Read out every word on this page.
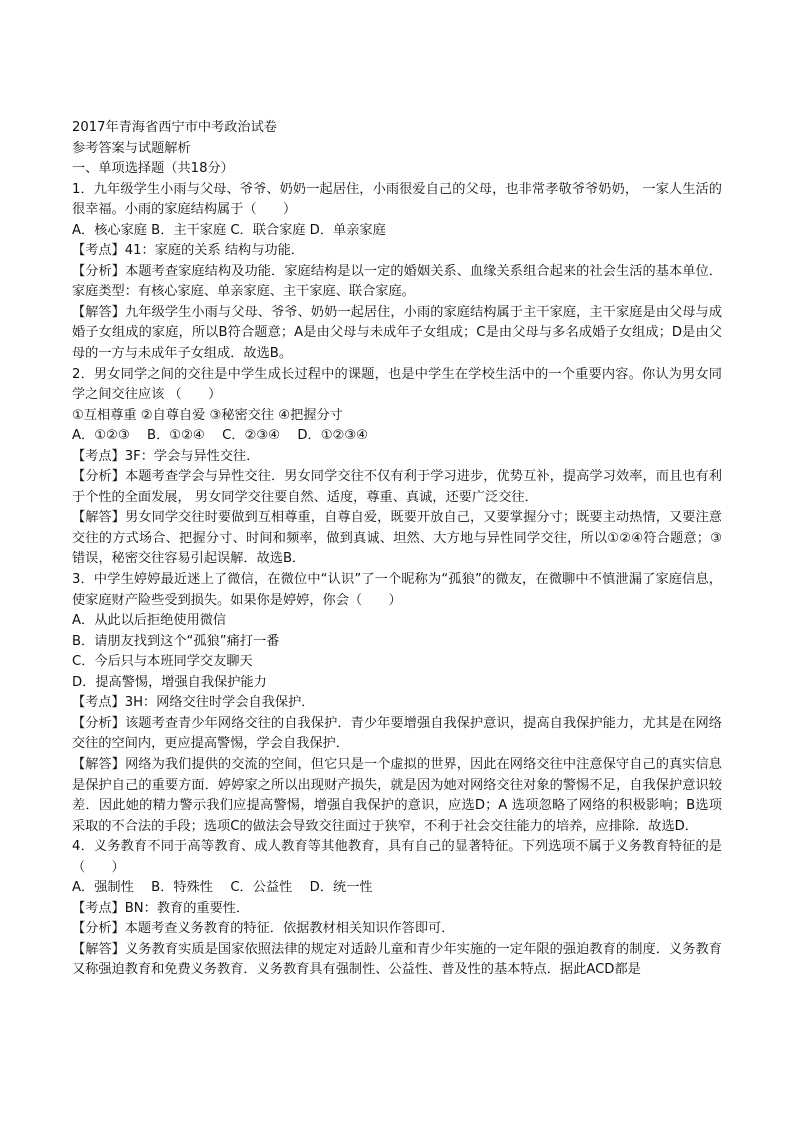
2017年青海省西宁市中考政治试卷
参考答案与试题解析
一、单项选择题（共18分）
1．九年级学生小雨与父母、爷爷、奶奶一起居住，小雨很爱自己的父母，也非常孝敬爷爷奶奶， 一家人生活的很幸福。小雨的家庭结构属于（　　）
A．核心家庭 B．主干家庭 C．联合家庭 D．单亲家庭
【考点】41：家庭的关系 结构与功能．
【分析】本题考查家庭结构及功能．家庭结构是以一定的婚姻关系、血缘关系组合起来的社会生活的基本单位．家庭类型：有核心家庭、单亲家庭、主干家庭、联合家庭。
【解答】九年级学生小雨与父母、爷爷、奶奶一起居住，小雨的家庭结构属于主干家庭，主干家庭是由父母与成婚子女组成的家庭，所以B符合题意；A是由父母与未成年子女组成；C是由父母与多名成婚子女组成；D是由父母的一方与未成年子女组成．故选B。
2．男女同学之间的交往是中学生成长过程中的课题，也是中学生在学校生活中的一个重要内容。你认为男女同学之间交往应该 （　　）
①互相尊重 ②自尊自爱 ③秘密交往 ④把握分寸
A．①②③　 B．①②④　 C．②③④　 D．①②③④
【考点】3F：学会与异性交往．
【分析】本题考查学会与异性交往．男女同学交往不仅有利于学习进步，优势互补，提高学习效率，而且也有利于个性的全面发展， 男女同学交往要自然、适度，尊重、真诚，还要广泛交往．
【解答】男女同学交往时要做到互相尊重，自尊自爱，既要开放自己，又要掌握分寸；既要主动热情，又要注意交往的方式场合、把握分寸、时间和频率，做到真诚、坦然、大方地与异性同学交往，所以①②④符合题意；③错误，秘密交往容易引起误解．故选B．
3．中学生婷婷最近迷上了微信，在微位中“认识”了一个昵称为“孤狼”的微友，在微聊中不慎泄漏了家庭信息，使家庭财产险些受到损失。如果你是婷婷，你会（　　）
A．从此以后拒绝使用微信
B．请朋友找到这个“孤狼”痛打一番
C．今后只与本班同学交友聊天
D．提高警惕，增强自我保护能力
【考点】3H：网络交往时学会自我保护．
【分析】该题考查青少年网络交往的自我保护．青少年要增强自我保护意识，提高自我保护能力，尤其是在网络交往的空间内，更应提高警惕，学会自我保护．
【解答】网络为我们提供的交流的空间，但它只是一个虚拟的世界，因此在网络交往中注意保守自己的真实信息是保护自己的重要方面．婷婷家之所以出现财产损失，就是因为她对网络交往对象的警惕不足，自我保护意识较差．因此她的精力警示我们应提高警惕，增强自我保护的意识，应选D；A 选项忽略了网络的积极影响；B选项采取的不合法的手段；选项C的做法会导致交往面过于狭窄，不利于社会交往能力的培养，应排除．故选D．
4．义务教育不同于高等教育、成人教育等其他教育，具有自己的显著特征。下列选项不属于义务教育特征的是（　　）
A．强制性　 B．特殊性　 C．公益性　 D．统一性
【考点】BN：教育的重要性．
【分析】本题考查义务教育的特征．依据教材相关知识作答即可．
【解答】义务教育实质是国家依照法律的规定对适龄儿童和青少年实施的一定年限的强迫教育的制度．义务教育又称强迫教育和免费义务教育．义务教育具有强制性、公益性、普及性的基本特点．据此ACD都是
